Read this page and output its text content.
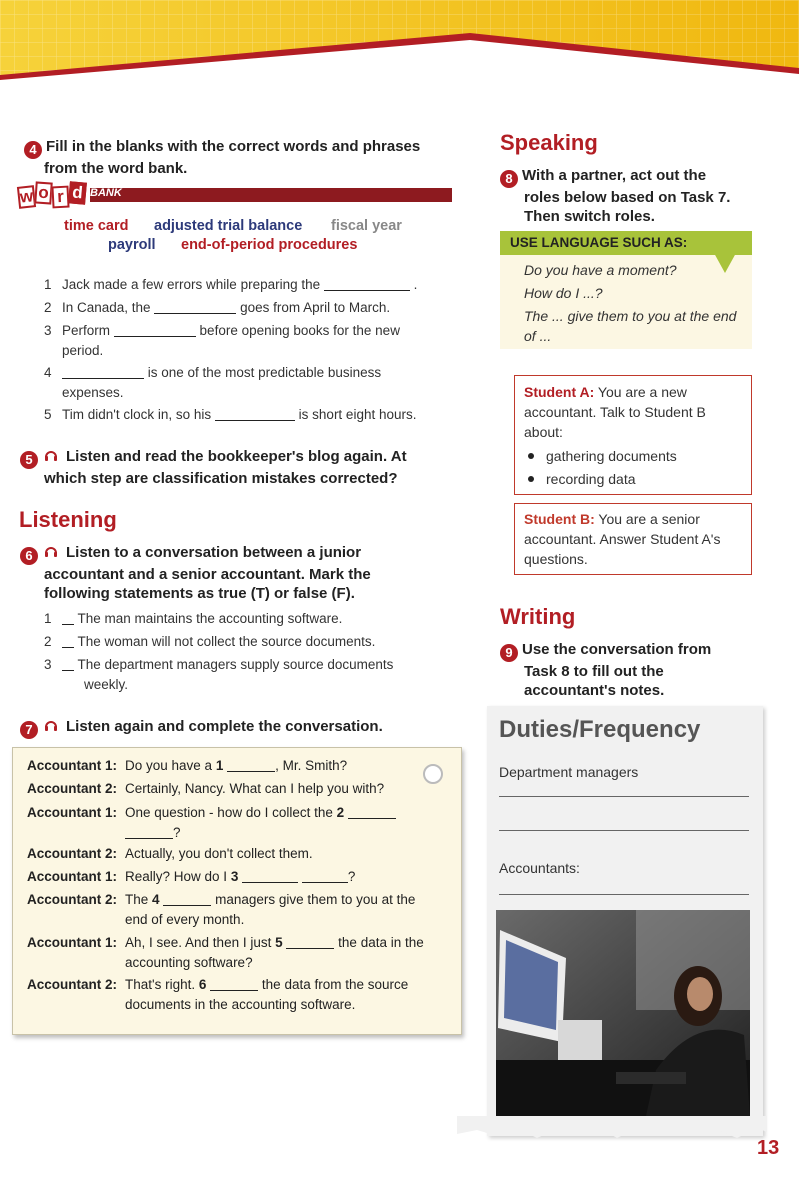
4 Fill in the blanks with the correct words and phrases
from the word bank.
BANK
w o r d
time card adjusted trial balance fiscal year
payroll end-of-period procedures
1 Jack made a few errors while preparing the	.
2 In Canada, the	goes from April to March.
3 Perform	before opening books for the new
period.
4	is one of the most predictable business
expenses.
5 Tim didn't clock in, so his	is short eight hours.
5 Listen and read the bookkeeper's blog again. At
which step are classification mistakes corrected?
Listening
6 Listen to a conversation between a junior
accountant and a senior accountant. Mark the
following statements as true (T) or false (F).
1 The man maintains the accounting software.
2 The woman will not collect the source documents.
3 The department managers supply source documents
weekly.
7 Listen again and complete the conversation.
Accountant 1: Do you have a 1	, Mr. Smith?
Accountant 2: Certainly, Nancy. What can I help you with?
Accountant 1: One question - how do I collect the 2
?
Accountant 2: Actually, you don't collect them.
Accountant 1: Really? How do I 3	?
Accountant 2: The 4	managers give them to you at the
end of every month.
Accountant 1: Ah, I see. And then I just 5	the data in the
accounting software?
Accountant 2: That's right. 6	the data from the source
documents in the accounting software.
Speaking
8 With a partner, act out the
roles below based on Task 7.
Then switch roles.
USE LANGUAGE SUCH AS:

Do you have a moment?

How do I ...?

The ... give them to you at the end

of ...

Student A: You are a new
accountant. Talk to Student B
about:
gathering documents
recording data
Student B: You are a senior
accountant. Answer Student A's
questions.
Writing
9 Use the conversation from
Task 8 to fill out the
accountant's notes.
Duties/Frequency
Department managers
Accountants:
13
